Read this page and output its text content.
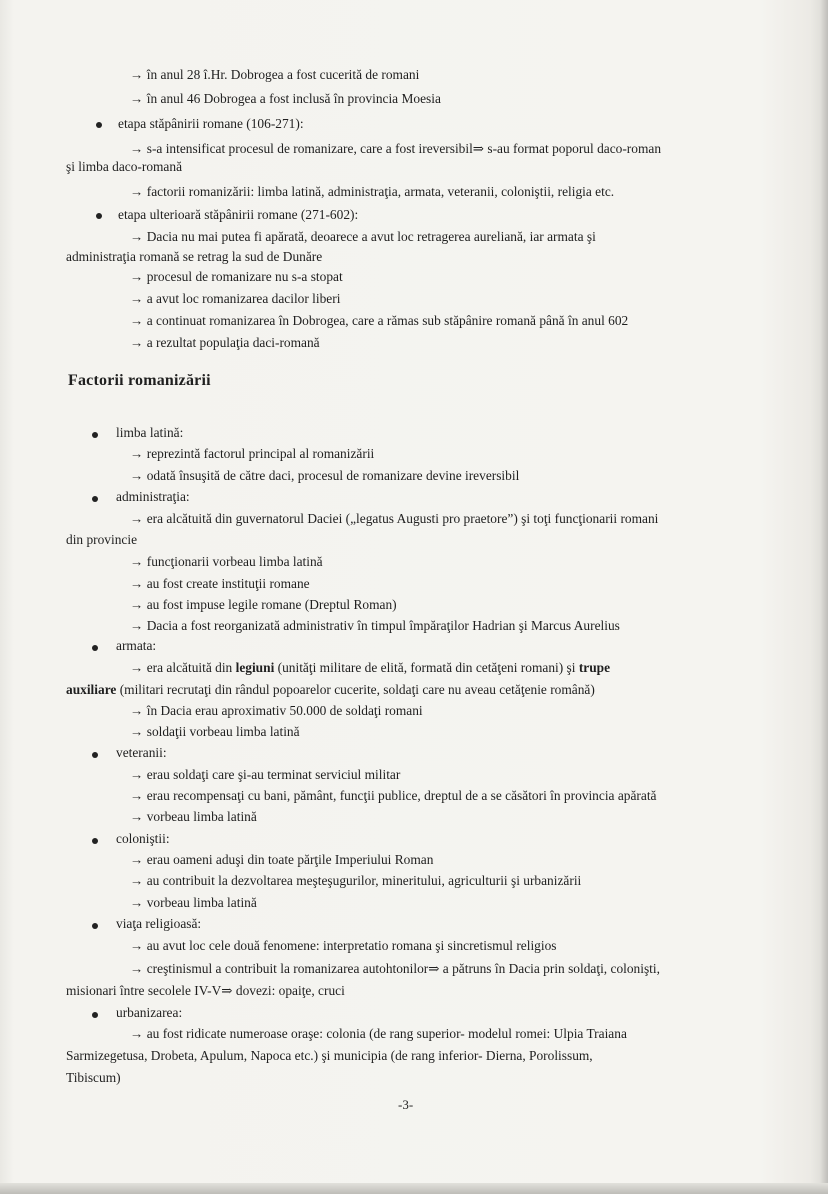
→ în anul 28 î.Hr. Dobrogea a fost cucerită de romani
→ în anul 46 Dobrogea a fost inclusă în provincia Moesia
etapa stăpânirii romane (106-271):
→ s-a intensificat procesul de romanizare, care a fost ireversibil⇒ s-au format poporul daco-roman
şi limba daco-romană
→ factorii romanizării: limba latină, administraţia, armata, veteranii, coloniştii, religia etc.
etapa ulterioară stăpânirii romane (271-602):
→ Dacia nu mai putea fi apărată, deoarece a avut loc retragerea aureliană, iar armata şi
administraţia romană se retrag la sud de Dunăre
→ procesul de romanizare nu s-a stopat
→ a avut loc romanizarea dacilor liberi
→ a continuat romanizarea în Dobrogea, care a rămas sub stăpânire romană până în anul 602
→ a rezultat populaţia daci-romană
Factorii romanizării
limba latină:
→ reprezintă factorul principal al romanizării
→ odată însuşită de către daci, procesul de romanizare devine ireversibil
administraţia:
→ era alcătuită din guvernatorul Daciei („legatus Augusti pro praetore”) şi toţi funcţionarii romani
din provincie
→ funcţionarii vorbeau limba latină
→ au fost create instituţii romane
→ au fost impuse legile romane (Dreptul Roman)
→ Dacia a fost reorganizată administrativ în timpul împăraţilor Hadrian şi Marcus Aurelius
armata:
→ era alcătuită din legiuni (unităţi militare de elită, formată din cetăţeni romani) şi trupe
auxiliare (militari recrutaţi din rândul popoarelor cucerite, soldaţi care nu aveau cetăţenie română)
→ în Dacia erau aproximativ 50.000 de soldaţi romani
→ soldaţii vorbeau limba latină
veteranii:
→ erau soldaţi care şi-au terminat serviciul militar
→ erau recompensaţi cu bani, pământ, funcţii publice, dreptul de a se căsători în provincia apărată
→ vorbeau limba latină
coloniştii:
→ erau oameni aduşi din toate părţile Imperiului Roman
→ au contribuit la dezvoltarea meşteşugurilor, mineritului, agriculturii şi urbanizării
→ vorbeau limba latină
viaţa religioasă:
→ au avut loc cele două fenomene: interpretatio romana şi sincretismul religios
→ creştinismul a contribuit la romanizarea autohtonilor⇒ a pătruns în Dacia prin soldaţi, colonişti,
misionari între secolele IV-V⇒ dovezi: opaiţe, cruci
urbanizarea:
→ au fost ridicate numeroase oraşe: colonia (de rang superior- modelul romei: Ulpia Traiana
Sarmizegetusa, Drobeta, Apulum, Napoca etc.) şi municipia (de rang inferior- Dierna, Porolissum,
Tibiscum)
-3-
